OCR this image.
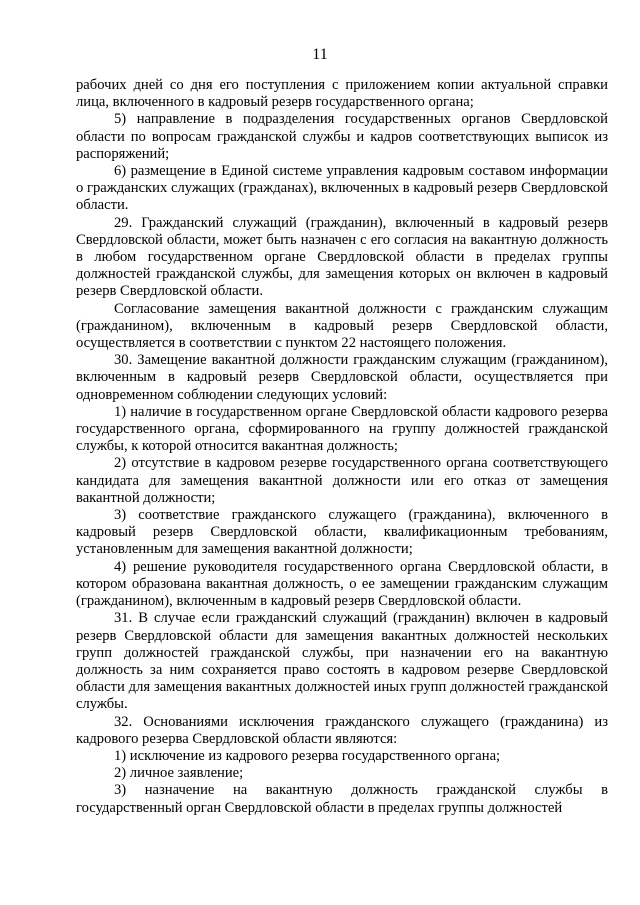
11

рабочих дней со дня его поступления с приложением копии актуальной справки лица, включенного в кадровый резерв государственного органа;

5) направление в подразделения государственных органов Свердловской области по вопросам гражданской службы и кадров соответствующих выписок из распоряжений;

6) размещение в Единой системе управления кадровым составом информации о гражданских служащих (гражданах), включенных в кадровый резерв Свердловской области.

29. Гражданский служащий (гражданин), включенный в кадровый резерв Свердловской области, может быть назначен с его согласия на вакантную должность в любом государственном органе Свердловской области в пределах группы должностей гражданской службы, для замещения которых он включен в кадровый резерв Свердловской области.

Согласование замещения вакантной должности с гражданским служащим (гражданином), включенным в кадровый резерв Свердловской области, осуществляется в соответствии с пунктом 22 настоящего положения.

30. Замещение вакантной должности гражданским служащим (гражданином), включенным в кадровый резерв Свердловской области, осуществляется при одновременном соблюдении следующих условий:

1) наличие в государственном органе Свердловской области кадрового резерва государственного органа, сформированного на группу должностей гражданской службы, к которой относится вакантная должность;

2) отсутствие в кадровом резерве государственного органа соответствующего кандидата для замещения вакантной должности или его отказ от замещения вакантной должности;

3) соответствие гражданского служащего (гражданина), включенного в кадровый резерв Свердловской области, квалификационным требованиям, установленным для замещения вакантной должности;

4) решение руководителя государственного органа Свердловской области, в котором образована вакантная должность, о ее замещении гражданским служащим (гражданином), включенным в кадровый резерв Свердловской области.

31. В случае если гражданский служащий (гражданин) включен в кадровый резерв Свердловской области для замещения вакантных должностей нескольких групп должностей гражданской службы, при назначении его на вакантную должность за ним сохраняется право состоять в кадровом резерве Свердловской области для замещения вакантных должностей иных групп должностей гражданской службы.

32. Основаниями исключения гражданского служащего (гражданина) из кадрового резерва Свердловской области являются:

1) исключение из кадрового резерва государственного органа;

2) личное заявление;

3) назначение на вакантную должность гражданской службы в государственный орган Свердловской области в пределах группы должностей
